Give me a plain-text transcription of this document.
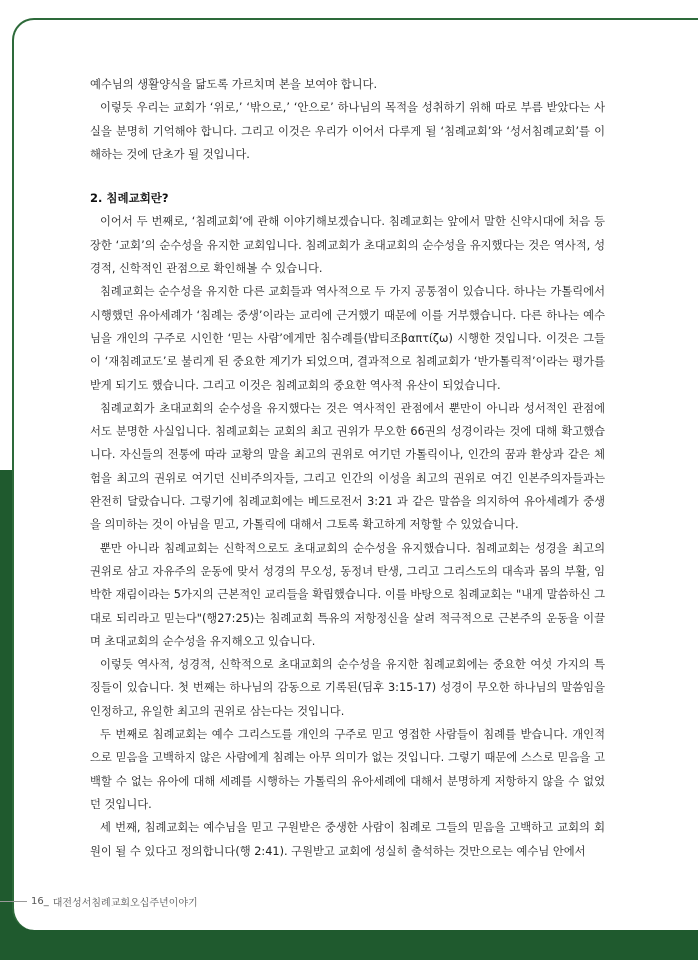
예수님의 생활양식을 닮도록 가르치며 본을 보여야 합니다.

이렇듯 우리는 교회가 ‘위로,’ ‘밖으로,’ ‘안으로’ 하나님의 목적을 성취하기 위해 따로 부름 받았다는 사실을 분명히 기억해야 합니다. 그리고 이것은 우리가 이어서 다루게 될 ‘침례교회’와 ‘성서침례교회’를 이해하는 것에 단초가 될 것입니다.

2. 침례교회란?

이어서 두 번째로, ‘침례교회’에 관해 이야기해보겠습니다. 침례교회는 앞에서 말한 신약시대에 처음 등장한 ‘교회’의 순수성을 유지한 교회입니다. 침례교회가 초대교회의 순수성을 유지했다는 것은 역사적, 성경적, 신학적인 관점으로 확인해볼 수 있습니다.

침례교회는 순수성을 유지한 다른 교회들과 역사적으로 두 가지 공통점이 있습니다. 하나는 가톨릭에서 시행했던 유아세례가 ‘침례는 중생’이라는 교리에 근거했기 때문에 이를 거부했습니다. 다른 하나는 예수님을 개인의 구주로 시인한 ‘믿는 사람’에게만 침수례를(밥티조βαπτίζω) 시행한 것입니다. 이것은 그들이 ‘재침례교도’로 불리게 된 중요한 계기가 되었으며, 결과적으로 침례교회가 ‘반가톨릭적’이라는 평가를 받게 되기도 했습니다. 그리고 이것은 침례교회의 중요한 역사적 유산이 되었습니다.

침례교회가 초대교회의 순수성을 유지했다는 것은 역사적인 관점에서 뿐만이 아니라 성서적인 관점에서도 분명한 사실입니다. 침례교회는 교회의 최고 권위가 무오한 66권의 성경이라는 것에 대해 확고했습니다. 자신들의 전통에 따라 교황의 말을 최고의 권위로 여기던 가톨릭이나, 인간의 꿈과 환상과 같은 체험을 최고의 권위로 여기던 신비주의자들, 그리고 인간의 이성을 최고의 권위로 여긴 인본주의자들과는 완전히 달랐습니다. 그렇기에 침례교회에는 베드로전서 3:21 과 같은 말씀을 의지하여 유아세례가 중생을 의미하는 것이 아님을 믿고, 가톨릭에 대해서 그토록 확고하게 저항할 수 있었습니다.

뿐만 아니라 침례교회는 신학적으로도 초대교회의 순수성을 유지했습니다. 침례교회는 성경을 최고의 권위로 삼고 자유주의 운동에 맞서 성경의 무오성, 동정녀 탄생, 그리고 그리스도의 대속과 몸의 부활, 임박한 재림이라는 5가지의 근본적인 교리들을 확립했습니다. 이를 바탕으로 침례교회는 "내게 말씀하신 그대로 되리라고 믿는다"(행27:25)는 침례교회 특유의 저항정신을 살려 적극적으로 근본주의 운동을 이끌며 초대교회의 순수성을 유지해오고 있습니다.

이렇듯 역사적, 성경적, 신학적으로 초대교회의 순수성을 유지한 침례교회에는 중요한 여섯 가지의 특징들이 있습니다. 첫 번째는 하나님의 감동으로 기록된(딤후 3:15-17) 성경이 무오한 하나님의 말씀임을 인정하고, 유일한 최고의 권위로 삼는다는 것입니다.

두 번째로 침례교회는 예수 그리스도를 개인의 구주로 믿고 영접한 사람들이 침례를 받습니다. 개인적으로 믿음을 고백하지 않은 사람에게 침례는 아무 의미가 없는 것입니다. 그렇기 때문에 스스로 믿음을 고백할 수 없는 유아에 대해 세례를 시행하는 가톨릭의 유아세례에 대해서 분명하게 저항하지 않을 수 없었던 것입니다.

세 번째, 침례교회는 예수님을 믿고 구원받은 중생한 사람이 침례로 그들의 믿음을 고백하고 교회의 회원이 될 수 있다고 정의합니다(행 2:41). 구원받고 교회에 성실히 출석하는 것만으로는 예수님 안에서

16_ 대전성서침례교회오십주년이야기
